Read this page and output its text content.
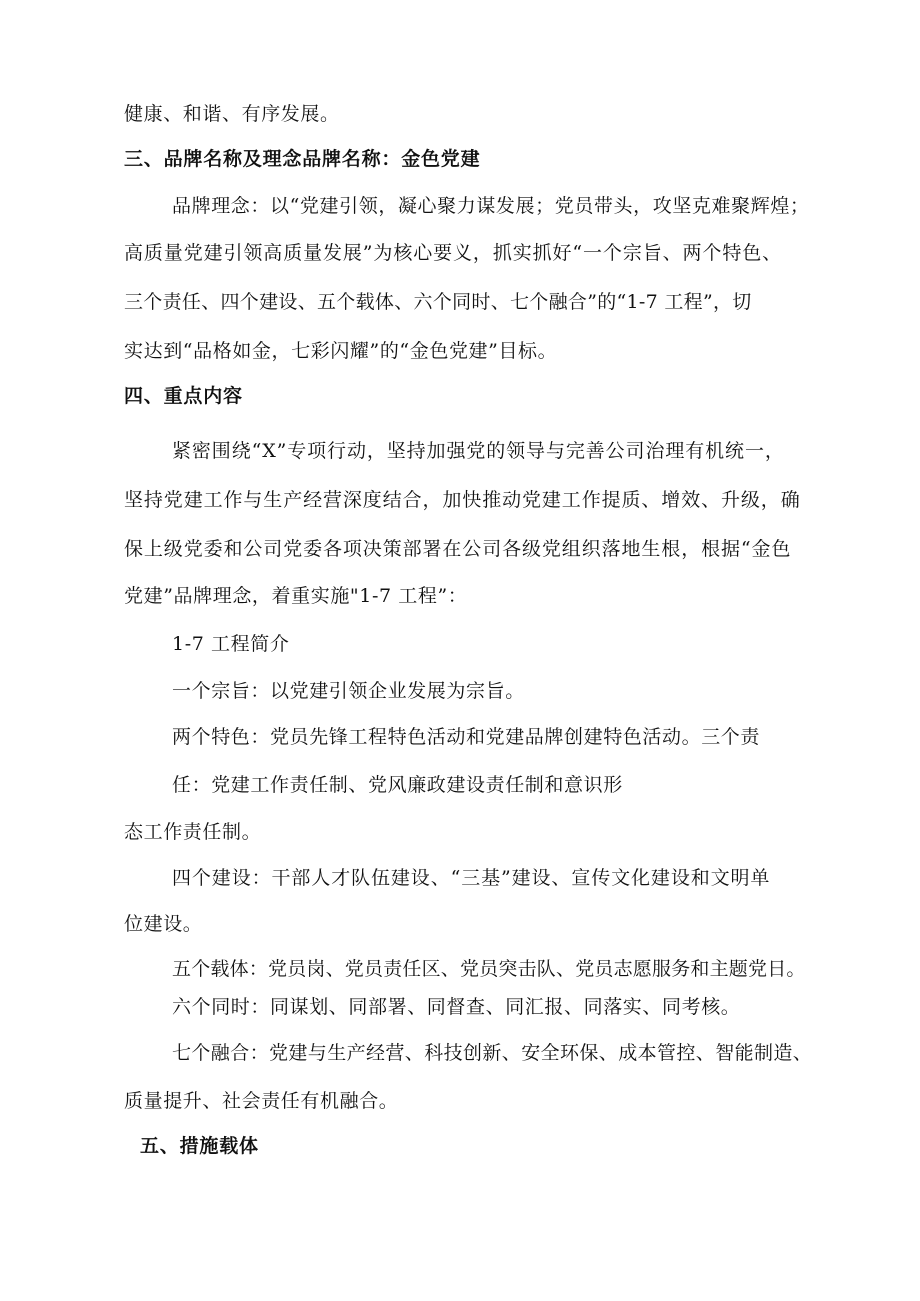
健康、和谐、有序发展。
三、品牌名称及理念品牌名称：金色党建
品牌理念：以“党建引领，凝心聚力谋发展；党员带头，攻坚克难聚辉煌；
高质量党建引领高质量发展”为核心要义，抓实抓好“一个宗旨、两个特色、
三个责任、四个建设、五个载体、六个同时、七个融合”的“1-7 工程”，切
实达到“品格如金，七彩闪耀”的“金色党建”目标。
四、重点内容
紧密围绕“X”专项行动，坚持加强党的领导与完善公司治理有机统一，
坚持党建工作与生产经营深度结合，加快推动党建工作提质、增效、升级，确
保上级党委和公司党委各项决策部署在公司各级党组织落地生根，根据“金色
党建”品牌理念，着重实施"1-7 工程”：
1-7 工程简介
一个宗旨：以党建引领企业发展为宗旨。
两个特色：党员先锋工程特色活动和党建品牌创建特色活动。三个责
任：党建工作责任制、党风廉政建设责任制和意识形
态工作责任制。
四个建设：干部人才队伍建设、“三基”建设、宣传文化建设和文明单
位建设。
五个载体：党员岗、党员责任区、党员突击队、党员志愿服务和主题党日。
六个同时：同谋划、同部署、同督查、同汇报、同落实、同考核。
七个融合：党建与生产经营、科技创新、安全环保、成本管控、智能制造、
质量提升、社会责任有机融合。
五、措施载体
